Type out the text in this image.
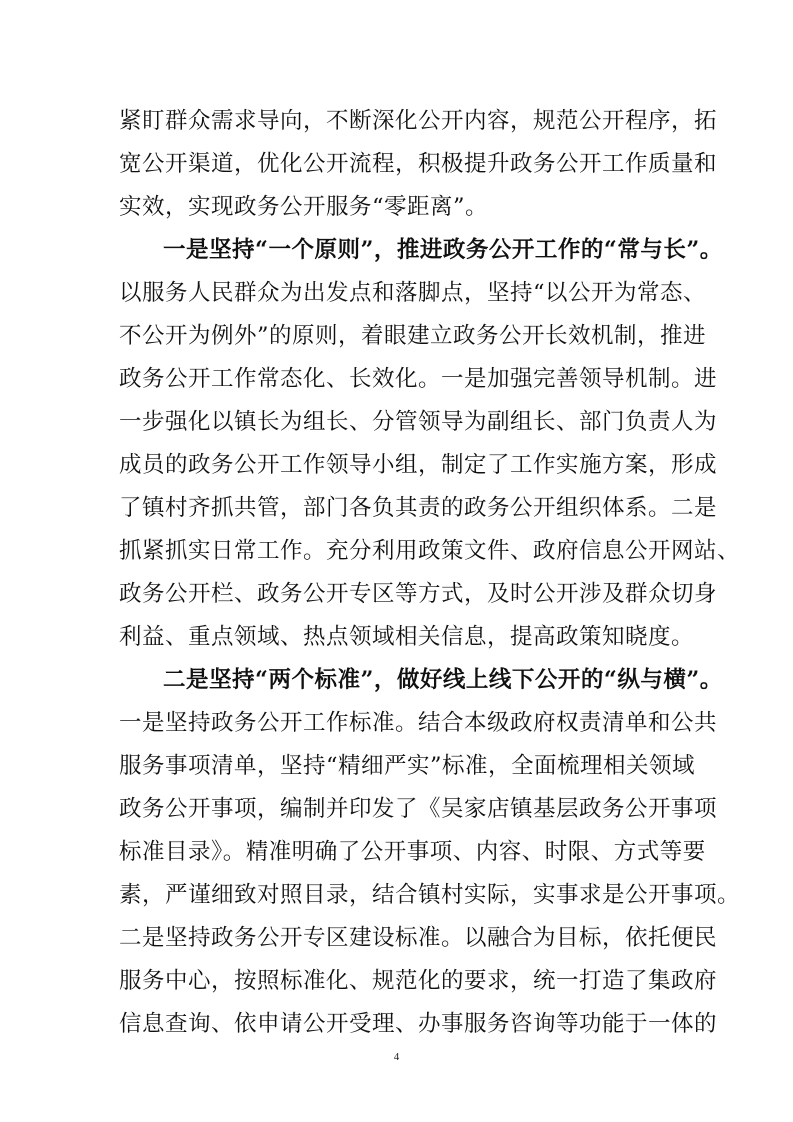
紧盯群众需求导向，不断深化公开内容，规范公开程序，拓
宽公开渠道，优化公开流程，积极提升政务公开工作质量和
实效，实现政务公开服务“零距离”。
一是坚持“一个原则”，推进政务公开工作的“常与长”。
以服务人民群众为出发点和落脚点，坚持“以公开为常态、
不公开为例外”的原则，着眼建立政务公开长效机制，推进
政务公开工作常态化、长效化。一是加强完善领导机制。进
一步强化以镇长为组长、分管领导为副组长、部门负责人为
成员的政务公开工作领导小组，制定了工作实施方案，形成
了镇村齐抓共管，部门各负其责的政务公开组织体系。二是
抓紧抓实日常工作。充分利用政策文件、政府信息公开网站、
政务公开栏、政务公开专区等方式，及时公开涉及群众切身
利益、重点领域、热点领域相关信息，提高政策知晓度。
二是坚持“两个标准”，做好线上线下公开的“纵与横”。
一是坚持政务公开工作标准。结合本级政府权责清单和公共
服务事项清单，坚持“精细严实”标准，全面梳理相关领域
政务公开事项，编制并印发了《吴家店镇基层政务公开事项
标准目录》。精准明确了公开事项、内容、时限、方式等要
素，严谨细致对照目录，结合镇村实际，实事求是公开事项。
二是坚持政务公开专区建设标准。以融合为目标，依托便民
服务中心，按照标准化、规范化的要求，统一打造了集政府
信息查询、依申请公开受理、办事服务咨询等功能于一体的
4
